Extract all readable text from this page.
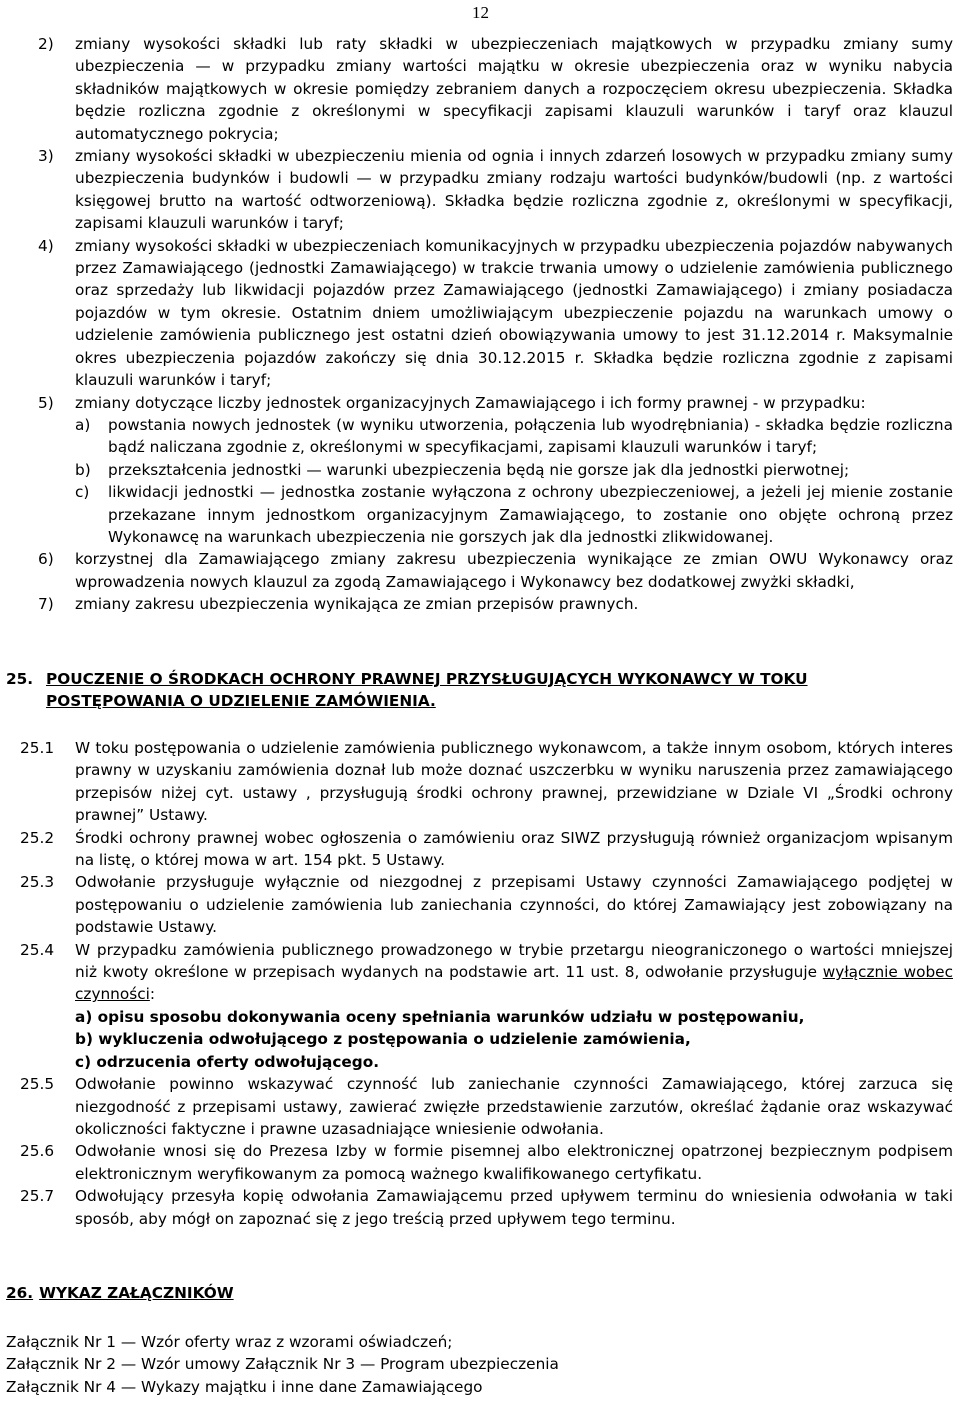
12
2) zmiany wysokości składki lub raty składki w ubezpieczeniach majątkowych w przypadku zmiany sumy ubezpieczenia — w przypadku zmiany wartości majątku w okresie ubezpieczenia oraz w wyniku nabycia składników majątkowych w okresie pomiędzy zebraniem danych a rozpoczęciem okresu ubezpieczenia. Składka będzie rozliczna zgodnie z określonymi w specyfikacji zapisami klauzuli warunków i taryf oraz klauzul automatycznego pokrycia;
3) zmiany wysokości składki w ubezpieczeniu mienia od ognia i innych zdarzeń losowych w przypadku zmiany sumy ubezpieczenia budynków i budowli — w przypadku zmiany rodzaju wartości budynków/budowli (np. z wartości księgowej brutto na wartość odtworzeniową). Składka będzie rozliczna zgodnie z, określonymi w specyfikacji, zapisami klauzuli warunków i taryf;
4) zmiany wysokości składki w ubezpieczeniach komunikacyjnych w przypadku ubezpieczenia pojazdów nabywanych przez Zamawiającego (jednostki Zamawiającego) w trakcie trwania umowy o udzielenie zamówienia publicznego oraz sprzedaży lub likwidacji pojazdów przez Zamawiającego (jednostki Zamawiającego) i zmiany posiadacza pojazdów w tym okresie. Ostatnim dniem umożliwiającym ubezpieczenie pojazdu na warunkach umowy o udzielenie zamówienia publicznego jest ostatni dzień obowiązywania umowy to jest 31.12.2014 r. Maksymalnie okres ubezpieczenia pojazdów zakończy się dnia 30.12.2015 r. Składka będzie rozliczna zgodnie z zapisami klauzuli warunków i taryf;
5) zmiany dotyczące liczby jednostek organizacyjnych Zamawiającego i ich formy prawnej - w przypadku:
a) powstania nowych jednostek (w wyniku utworzenia, połączenia lub wyodrębniania) - składka będzie rozliczna bądź naliczana zgodnie z, określonymi w specyfikacjami, zapisami klauzuli warunków i taryf;
b) przekształcenia jednostki — warunki ubezpieczenia będą nie gorsze jak dla jednostki pierwotnej;
c) likwidacji jednostki — jednostka zostanie wyłączona z ochrony ubezpieczeniowej, a jeżeli jej mienie zostanie przekazane innym jednostkom organizacyjnym Zamawiającego, to zostanie ono objęte ochroną przez Wykonawcę na warunkach ubezpieczenia nie gorszych jak dla jednostki zlikwidowanej.
6) korzystnej dla Zamawiającego zmiany zakresu ubezpieczenia wynikające ze zmian OWU Wykonawcy oraz wprowadzenia nowych klauzul za zgodą Zamawiającego i Wykonawcy bez dodatkowej zwyżki składki,
7) zmiany zakresu ubezpieczenia wynikająca ze zmian przepisów prawnych.
25. POUCZENIE O ŚRODKACH OCHRONY PRAWNEJ PRZYSŁUGUJĄCYCH WYKONAWCY W TOKU
POSTĘPOWANIA O UDZIELENIE ZAMÓWIENIA.
25.1 W toku postępowania o udzielenie zamówienia publicznego wykonawcom, a także innym osobom, których interes prawny w uzyskaniu zamówienia doznał lub może doznać uszczerbku w wyniku naruszenia przez zamawiającego przepisów niżej cyt. ustawy , przysługują środki ochrony prawnej, przewidziane w Dziale VI „Środki ochrony prawnej” Ustawy.
25.2 Środki ochrony prawnej wobec ogłoszenia o zamówieniu oraz SIWZ przysługują również organizacjom wpisanym na listę, o której mowa w art. 154 pkt. 5 Ustawy.
25.3 Odwołanie przysługuje wyłącznie od niezgodnej z przepisami Ustawy czynności Zamawiającego podjętej w postępowaniu o udzielenie zamówienia lub zaniechania czynności, do której Zamawiający jest zobowiązany na podstawie Ustawy.
25.4 W przypadku zamówienia publicznego prowadzonego w trybie przetargu nieograniczonego o wartości mniejszej niż kwoty określone w przepisach wydanych na podstawie art. 11 ust. 8, odwołanie przysługuje wyłącznie wobec czynności:
a) opisu sposobu dokonywania oceny spełniania warunków udziału w postępowaniu,
b) wykluczenia odwołującego z postępowania o udzielenie zamówienia,
c) odrzucenia oferty odwołującego.
25.5 Odwołanie powinno wskazywać czynność lub zaniechanie czynności Zamawiającego, której zarzuca się niezgodność z przepisami ustawy, zawierać zwięzłe przedstawienie zarzutów, określać żądanie oraz wskazywać okoliczności faktyczne i prawne uzasadniające wniesienie odwołania.
25.6 Odwołanie wnosi się do Prezesa Izby w formie pisemnej albo elektronicznej opatrzonej bezpiecznym podpisem elektronicznym weryfikowanym za pomocą ważnego kwalifikowanego certyfikatu.
25.7 Odwołujący przesyła kopię odwołania Zamawiającemu przed upływem terminu do wniesienia odwołania w taki sposób, aby mógł on zapoznać się z jego treścią przed upływem tego terminu.
26. WYKAZ ZAŁĄCZNIKÓW
Załącznik Nr 1 — Wzór oferty wraz z wzorami oświadczeń;
Załącznik Nr 2 — Wzór umowy Załącznik Nr 3 — Program ubezpieczenia
Załącznik Nr 4 — Wykazy majątku i inne dane Zamawiającego
